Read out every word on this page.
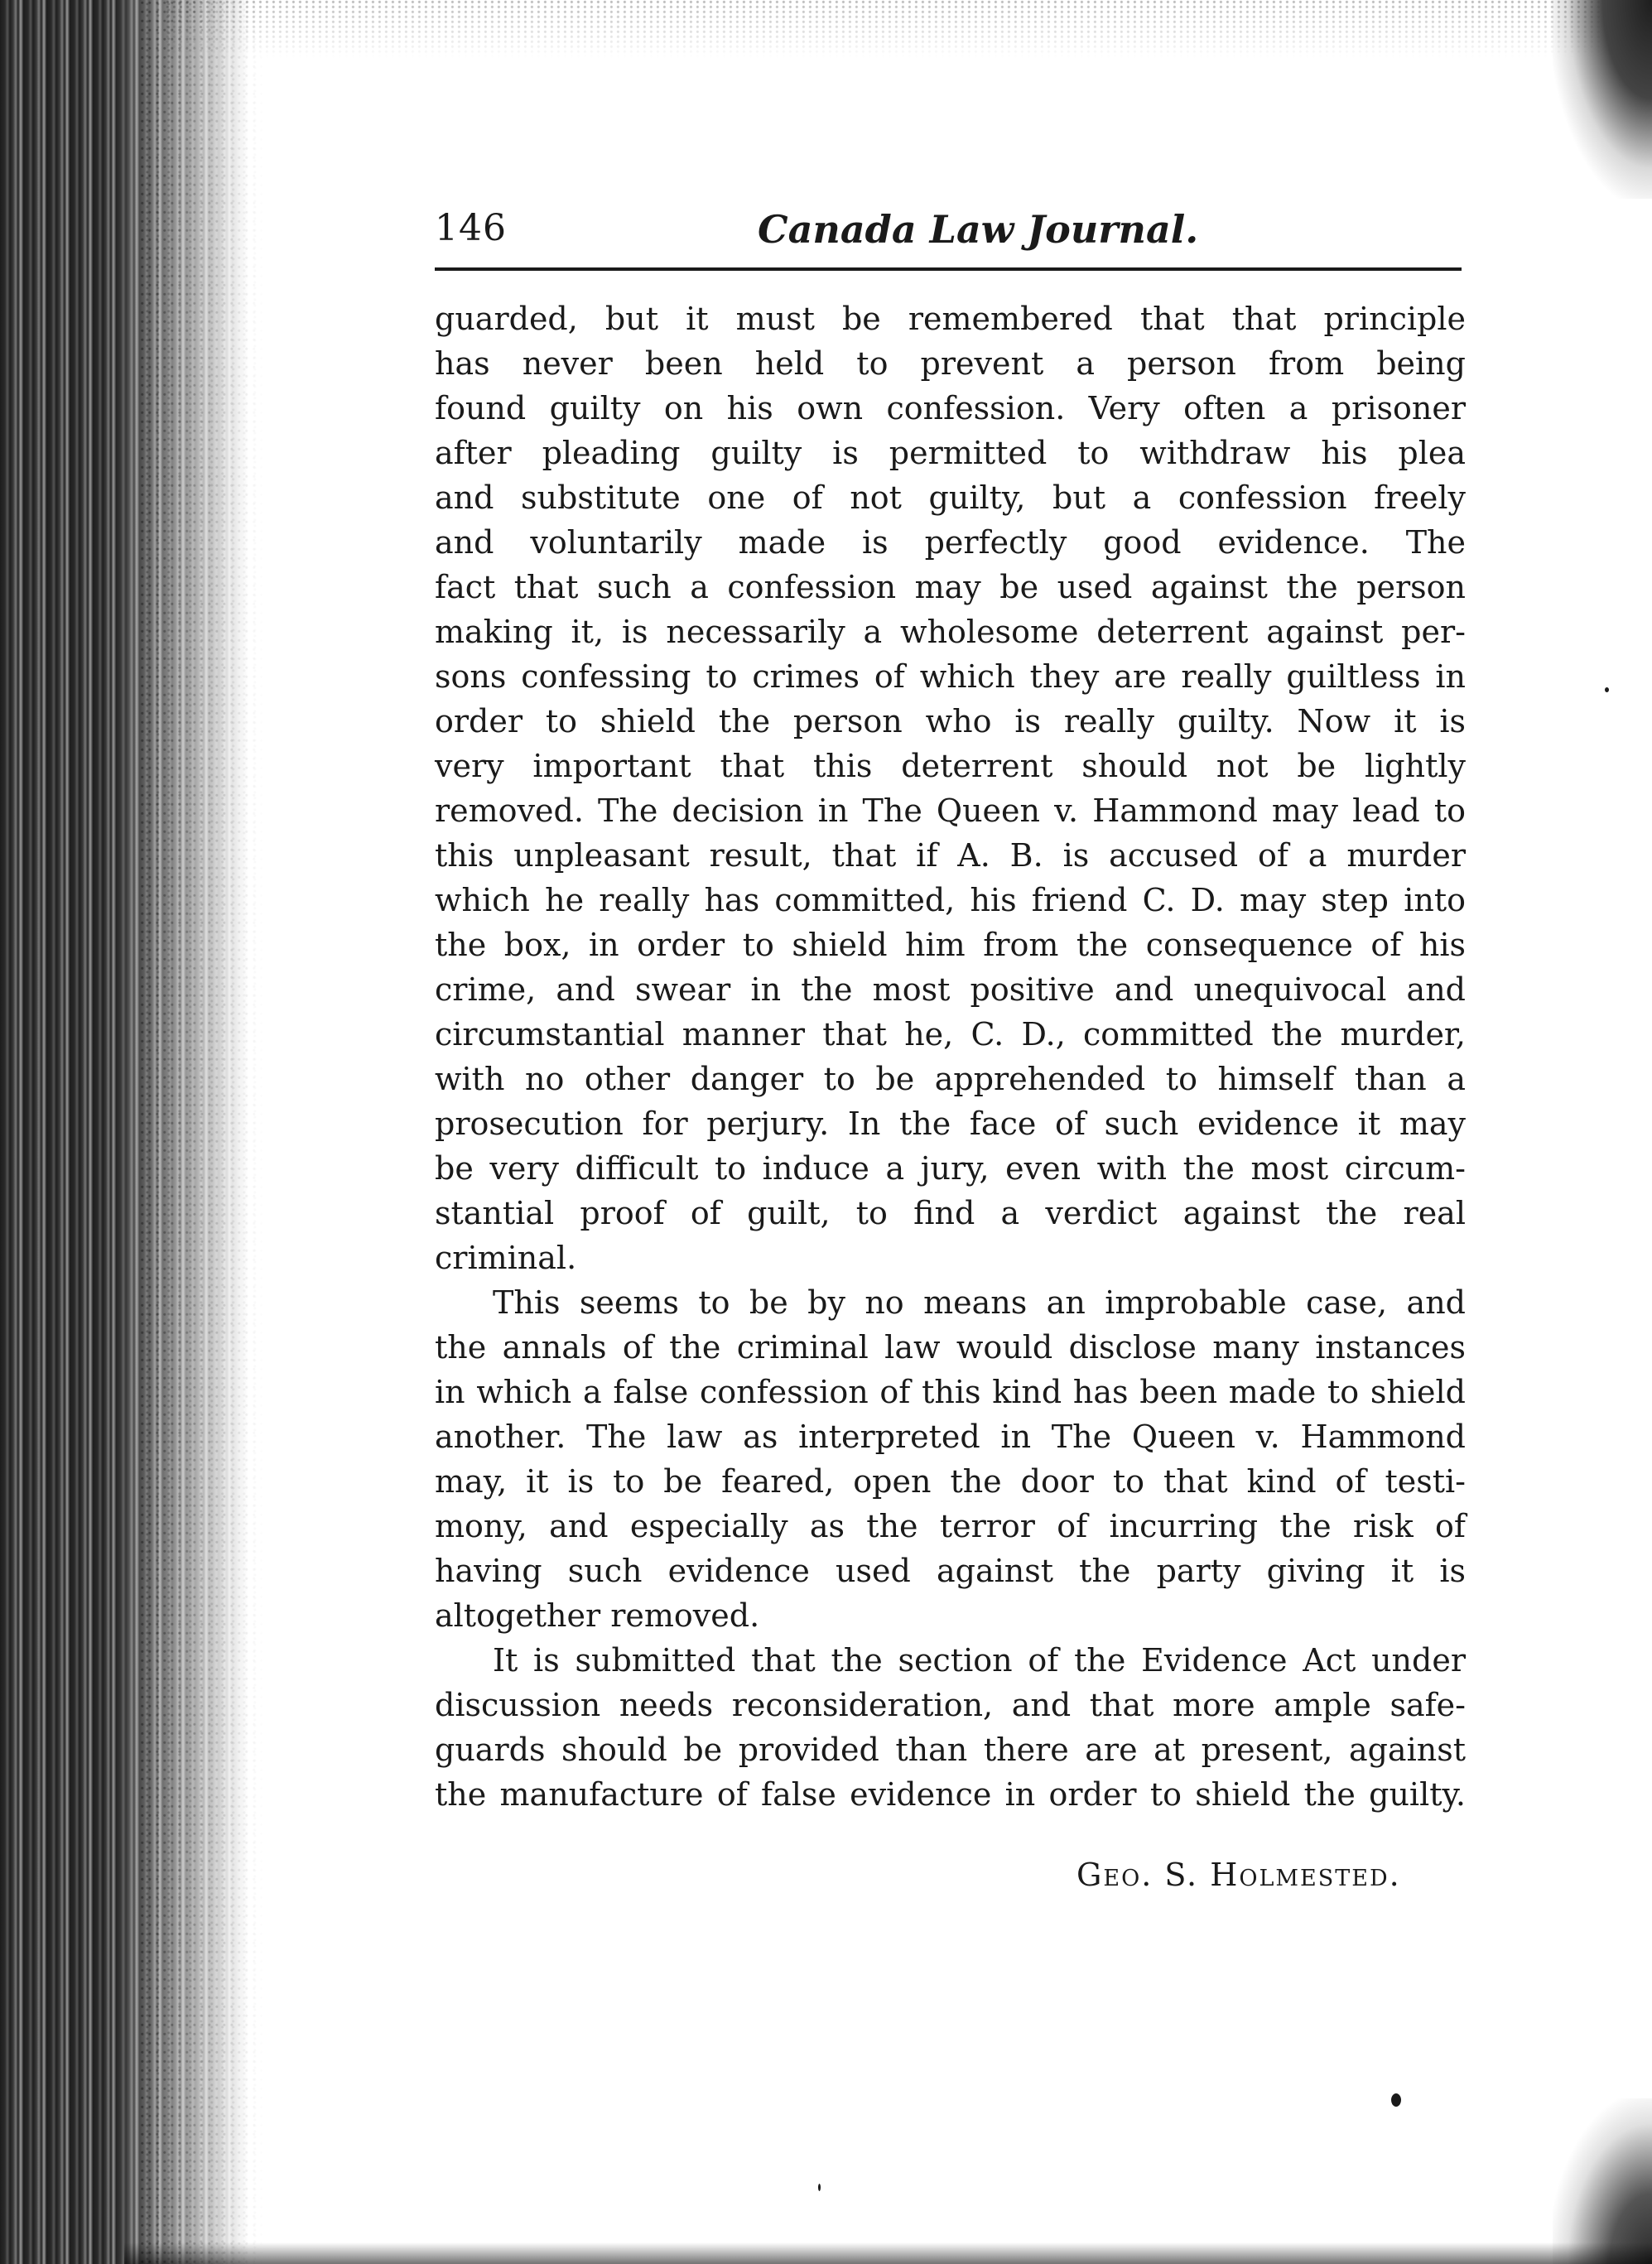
146	Canada Law Journal.
guarded, but it must be remembered that that principle
has never been held to prevent a person from being
found guilty on his own confession. Very often a prisoner
after pleading guilty is permitted to withdraw his plea
and substitute one of not guilty, but a confession freely
and voluntarily made is perfectly good evidence. The
fact that such a confession may be used against the person
making it, is necessarily a wholesome deterrent against per-
sons confessing to crimes of which they are really guiltless in
order to shield the person who is really guilty. Now it is
very important that this deterrent should not be lightly
removed. The decision in The Queen v. Hammond may lead to
this unpleasant result, that if A. B. is accused of a murder
which he really has committed, his friend C. D. may step into
the box, in order to shield him from the consequence of his
crime, and swear in the most positive and unequivocal and
circumstantial manner that he, C. D., committed the murder,
with no other danger to be apprehended to himself than a
prosecution for perjury. In the face of such evidence it may
be very difficult to induce a jury, even with the most circum-
stantial proof of guilt, to find a verdict against the real
criminal.
This seems to be by no means an improbable case, and
the annals of the criminal law would disclose many instances
in which a false confession of this kind has been made to shield
another. The law as interpreted in The Queen v. Hammond
may, it is to be feared, open the door to that kind of testi-
mony, and especially as the terror of incurring the risk of
having such evidence used against the party giving it is
altogether removed.
It is submitted that the section of the Evidence Act under
discussion needs reconsideration, and that more ample safe-
guards should be provided than there are at present, against
the manufacture of false evidence in order to shield the guilty.
Geo. S. Holmested.
